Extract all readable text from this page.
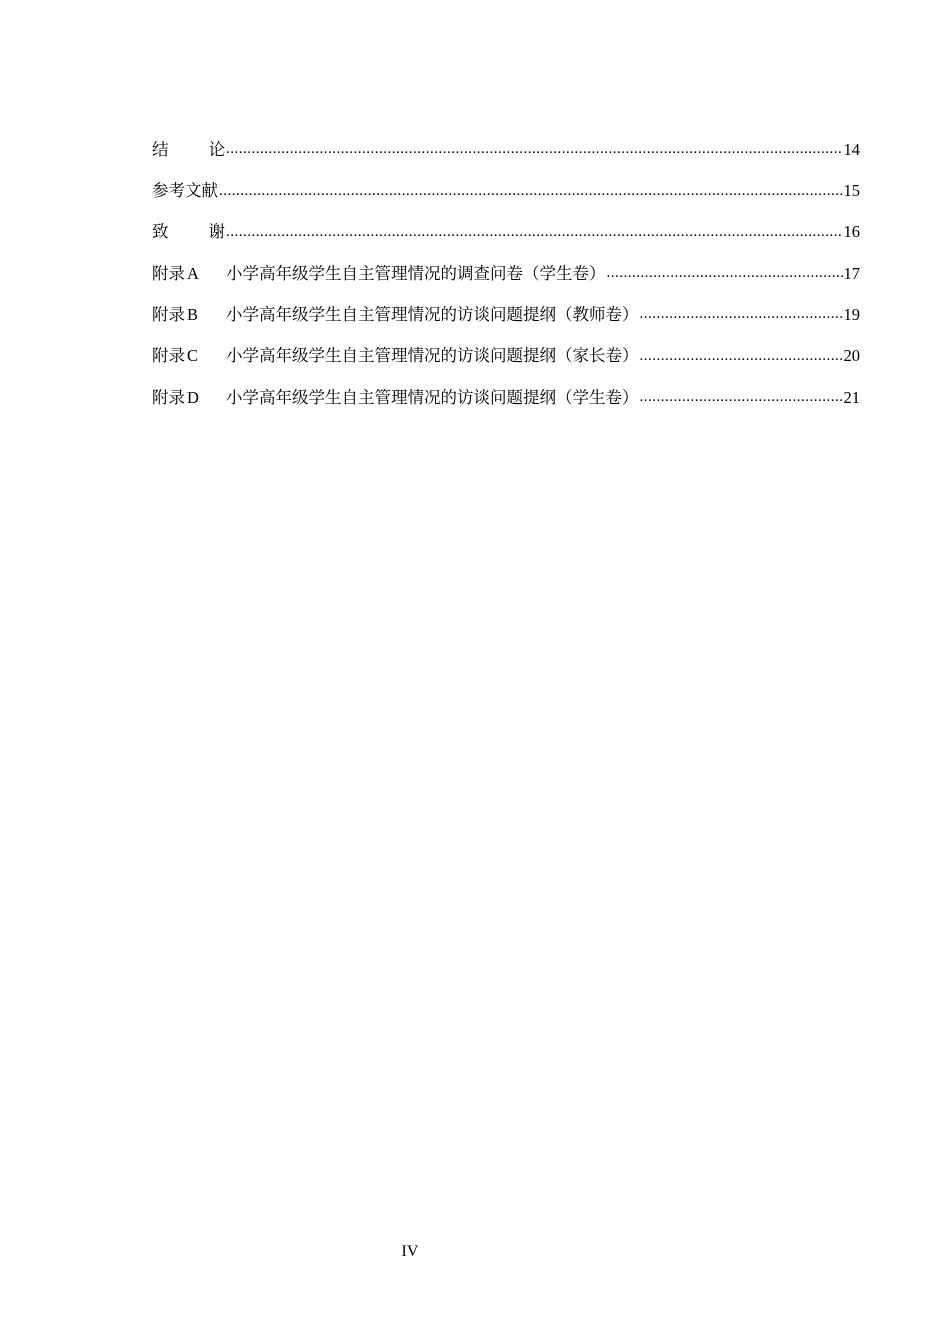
结 论 .....	14
参考文献 .....	15
致 谢 .....	16
附录 A	小学高年级学生自主管理情况的调查问卷（学生卷） .....	17
附录 B	小学高年级学生自主管理情况的访谈问题提纲（教师卷） .....	19
附录 C	小学高年级学生自主管理情况的访谈问题提纲（家长卷） .....	20
附录 D	小学高年级学生自主管理情况的访谈问题提纲（学生卷） .....	21
IV
